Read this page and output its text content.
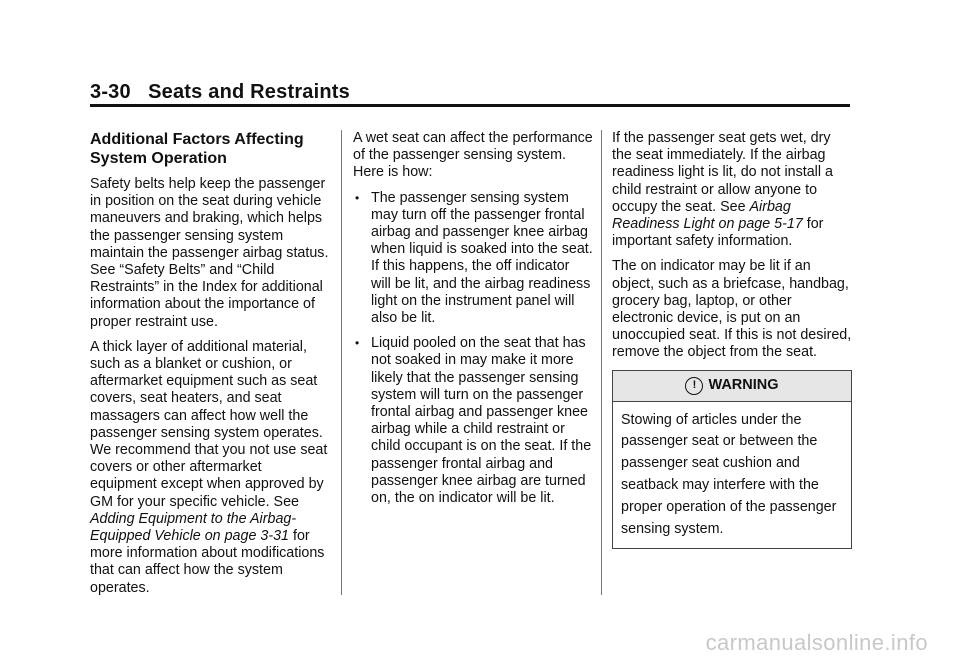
3-30 Seats and Restraints
Additional Factors Affecting System Operation

Safety belts help keep the passenger in position on the seat during vehicle maneuvers and braking, which helps the passenger sensing system maintain the passenger airbag status. See “Safety Belts” and “Child Restraints” in the Index for additional information about the importance of proper restraint use.

A thick layer of additional material, such as a blanket or cushion, or aftermarket equipment such as seat covers, seat heaters, and seat massagers can affect how well the passenger sensing system operates. We recommend that you not use seat covers or other aftermarket equipment except when approved by GM for your specific vehicle. See Adding Equipment to the Airbag-Equipped Vehicle on page 3-31 for more information about modifications that can affect how the system operates.

A wet seat can affect the performance of the passenger sensing system. Here is how:

• The passenger sensing system may turn off the passenger frontal airbag and passenger knee airbag when liquid is soaked into the seat. If this happens, the off indicator will be lit, and the airbag readiness light on the instrument panel will also be lit.
• Liquid pooled on the seat that has not soaked in may make it more likely that the passenger sensing system will turn on the passenger frontal airbag and passenger knee airbag while a child restraint or child occupant is on the seat. If the passenger frontal airbag and passenger knee airbag are turned on, the on indicator will be lit.

If the passenger seat gets wet, dry the seat immediately. If the airbag readiness light is lit, do not install a child restraint or allow anyone to occupy the seat. See Airbag Readiness Light on page 5-17 for important safety information.

The on indicator may be lit if an object, such as a briefcase, handbag, grocery bag, laptop, or other electronic device, is put on an unoccupied seat. If this is not desired, remove the object from the seat.

! WARNING
Stowing of articles under the passenger seat or between the passenger seat cushion and seatback may interfere with the proper operation of the passenger sensing system.
carmanualsonline.info
